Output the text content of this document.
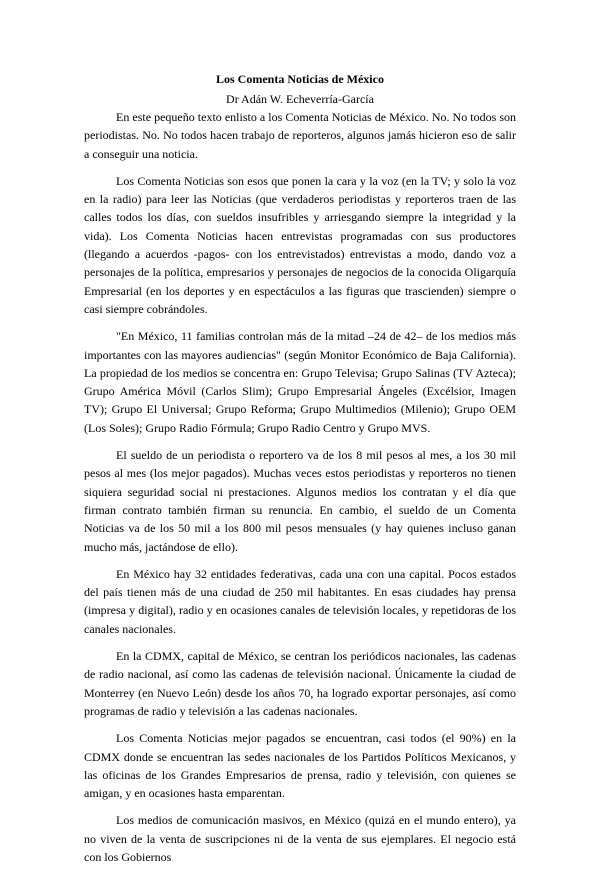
Los Comenta Noticias de México

Dr Adán W. Echeverría-García

En este pequeño texto enlisto a los Comenta Noticias de México. No. No todos son periodistas. No. No todos hacen trabajo de reporteros, algunos jamás hicieron eso de salir a conseguir una noticia.

Los Comenta Noticias son esos que ponen la cara y la voz (en la TV; y solo la voz en la radio) para leer las Noticias (que verdaderos periodistas y reporteros traen de las calles todos los días, con sueldos insufribles y arriesgando siempre la integridad y la vida). Los Comenta Noticias hacen entrevistas programadas con sus productores (llegando a acuerdos -pagos- con los entrevistados) entrevistas a modo, dando voz a personajes de la política, empresarios y personajes de negocios de la conocida Oligarquía Empresarial (en los deportes y en espectáculos a las figuras que trascienden) siempre o casi siempre cobrándoles.

"En México, 11 familias controlan más de la mitad –24 de 42– de los medios más importantes con las mayores audiencias" (según Monitor Económico de Baja California). La propiedad de los medios se concentra en: Grupo Televisa; Grupo Salinas (TV Azteca); Grupo América Móvil (Carlos Slim); Grupo Empresarial Ángeles (Excélsior, Imagen TV); Grupo El Universal; Grupo Reforma; Grupo Multimedios (Milenio); Grupo OEM (Los Soles); Grupo Radio Fórmula; Grupo Radio Centro y Grupo MVS.

El sueldo de un periodista o reportero va de los 8 mil pesos al mes, a los 30 mil pesos al mes (los mejor pagados). Muchas veces estos periodistas y reporteros no tienen siquiera seguridad social ni prestaciones. Algunos medios los contratan y el día que firman contrato también firman su renuncia. En cambio, el sueldo de un Comenta Noticias va de los 50 mil a los 800 mil pesos mensuales (y hay quienes incluso ganan mucho más, jactándose de ello).

En México hay 32 entidades federativas, cada una con una capital. Pocos estados del país tienen más de una ciudad de 250 mil habitantes. En esas ciudades hay prensa (impresa y digital), radio y en ocasiones canales de televisión locales, y repetidoras de los canales nacionales.

En la CDMX, capital de México, se centran los periódicos nacionales, las cadenas de radio nacional, así como las cadenas de televisión nacional. Únicamente la ciudad de Monterrey (en Nuevo León) desde los años 70, ha logrado exportar personajes, así como programas de radio y televisión a las cadenas nacionales.

Los Comenta Noticias mejor pagados se encuentran, casi todos (el 90%) en la CDMX donde se encuentran las sedes nacionales de los Partidos Políticos Mexicanos, y las oficinas de los Grandes Empresarios de prensa, radio y televisión, con quienes se amigan, y en ocasiones hasta emparentan.

Los medios de comunicación masivos, en México (quizá en el mundo entero), ya no viven de la venta de suscripciones ni de la venta de sus ejemplares. El negocio está con los Gobiernos
